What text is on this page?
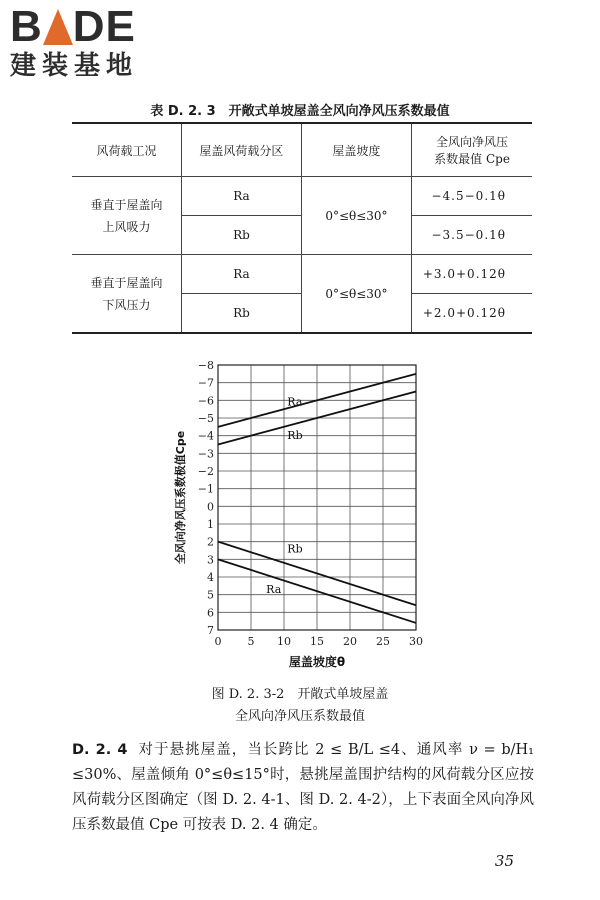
B DE
建装基地
表 D. 2. 3　开敞式单坡屋盖全风向净风压系数最值
风荷载工况	屋盖风荷载分区	屋盖坡度	全风向净风压
系数最值 Cpe

垂直于屋盖向上风吸力	Ra	0°≤θ≤30°	−4.5−0.1θ
	Rb		−3.5−0.1θ
垂直于屋盖向下风压力	Ra	0°≤θ≤30°	+3.0+0.12θ
	Rb		+2.0+0.12θ
−8
−7
−6
−5
−4
−3
−2
−1
0
1
2
3
4
5
6
7
0 5 10 15 20 25 30
Ra
Rb
Rb
Ra
屋盖坡度θ
全风向净风压系数极值Cpe
图 D. 2. 3-2　开敞式单坡屋盖
全风向净风压系数最值
D. 2. 4 对于悬挑屋盖，当长跨比 2 ≤ B/L ≤4、通风率 ν = b/H₁ ≤30%、屋盖倾角 0°≤θ≤15°时，悬挑屋盖围护结构的风荷载分区应按风荷载分区图确定（图 D. 2. 4-1、图 D. 2. 4-2），上下表面全风向净风压系数最值 Cpe 可按表 D. 2. 4 确定。
35
